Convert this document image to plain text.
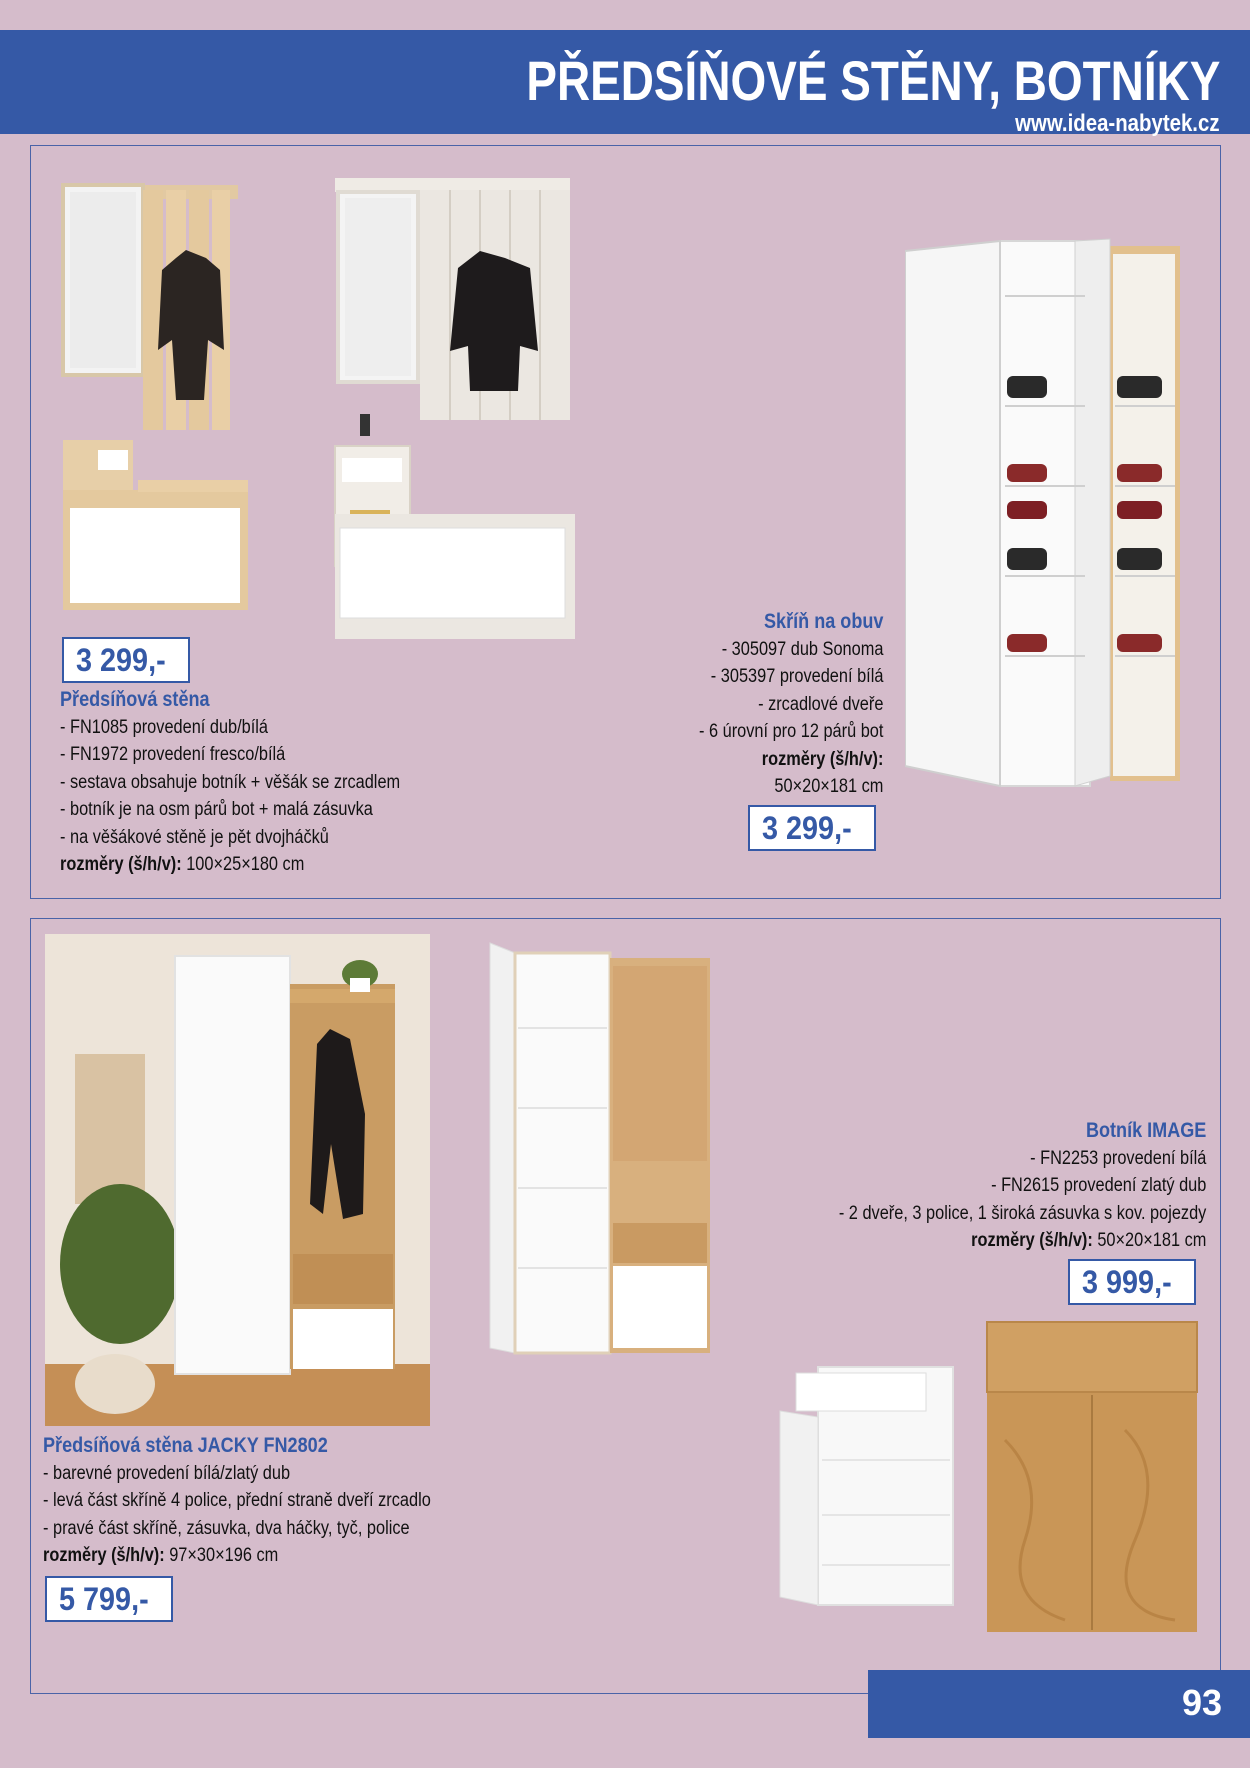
PŘEDSÍŇOVÉ STĚNY, BOTNÍKY
www.idea-nabytek.cz
3 299,-
Předsíňová stěna
- FN1085 provedení dub/bílá
- FN1972 provedení fresco/bílá
- sestava obsahuje botník + věšák se zrcadlem
- botník je na osm párů bot + malá zásuvka
- na věšákové stěně je pět dvojháčků
rozměry (š/h/v): 100×25×180 cm
Skříň na obuv
- 305097 dub Sonoma
- 305397 provedení bílá
- zrcadlové dveře
- 6 úrovní pro 12 párů bot
rozměry (š/h/v):
50×20×181 cm
3 299,-
Botník IMAGE
- FN2253 provedení bílá
- FN2615 provedení zlatý dub
- 2 dveře, 3 police, 1 široká zásuvka s kov. pojezdy
rozměry (š/h/v): 50×20×181 cm
3 999,-
Předsíňová stěna JACKY FN2802
- barevné provedení bílá/zlatý dub
- levá část skříně 4 police, přední straně dveří zrcadlo
- pravé část skříně, zásuvka, dva háčky, tyč, police
rozměry (š/h/v): 97×30×196 cm
5 799,-
93
